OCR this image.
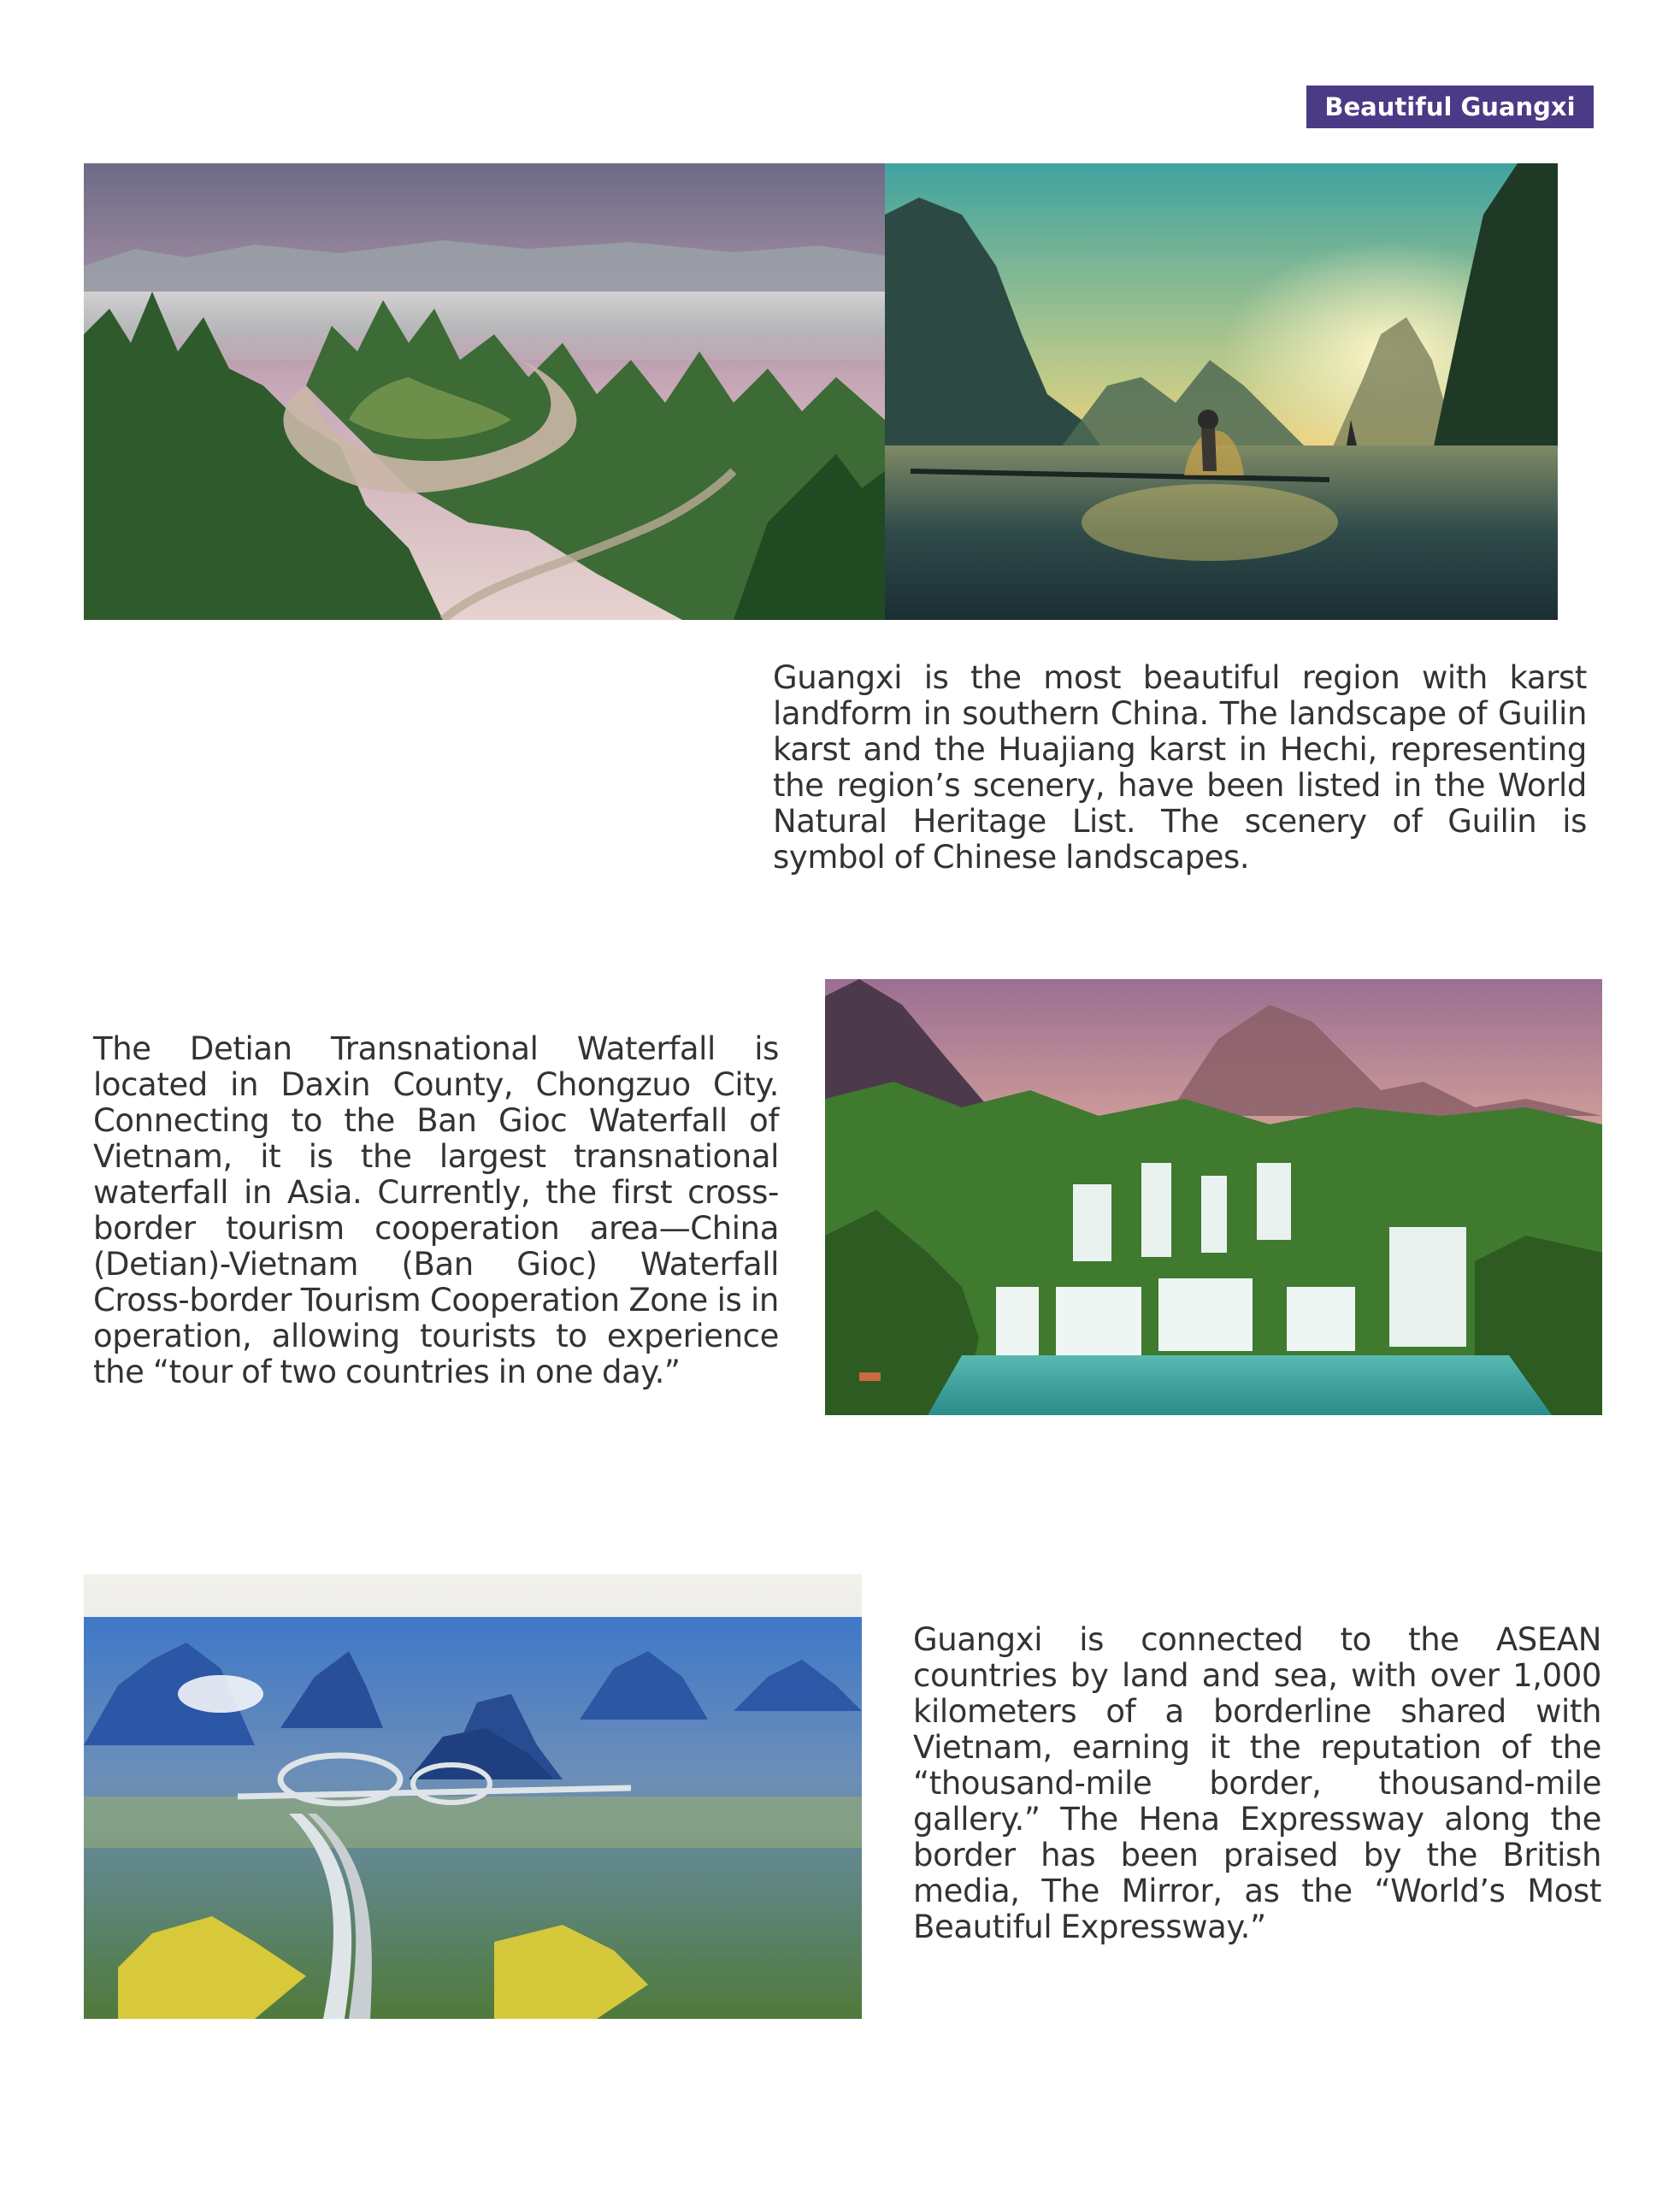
Beautiful Guangxi

Guangxi is the most beautiful region with karst landform in southern China. The landscape of Guilin karst and the Huajiang karst in Hechi, representing the region’s scenery, have been listed in the World Natural Heritage List. The scenery of Guilin is symbol of Chinese landscapes.

The Detian Transnational Waterfall is located in Daxin County, Chongzuo City. Connecting to the Ban Gioc Waterfall of Vietnam, it is the largest transnational waterfall in Asia. Currently, the first cross-border tourism cooperation area—China (Detian)-Vietnam (Ban Gioc) Waterfall Cross-border Tourism Cooperation Zone is in operation, allowing tourists to experience the “tour of two countries in one day.”

Guangxi is connected to the ASEAN countries by land and sea, with over 1,000 kilometers of a borderline shared with Vietnam, earning it the reputation of the “thousand-mile border, thousand-mile gallery.” The Hena Expressway along the border has been praised by the British media, The Mirror, as the “World’s Most Beautiful Expressway.”
